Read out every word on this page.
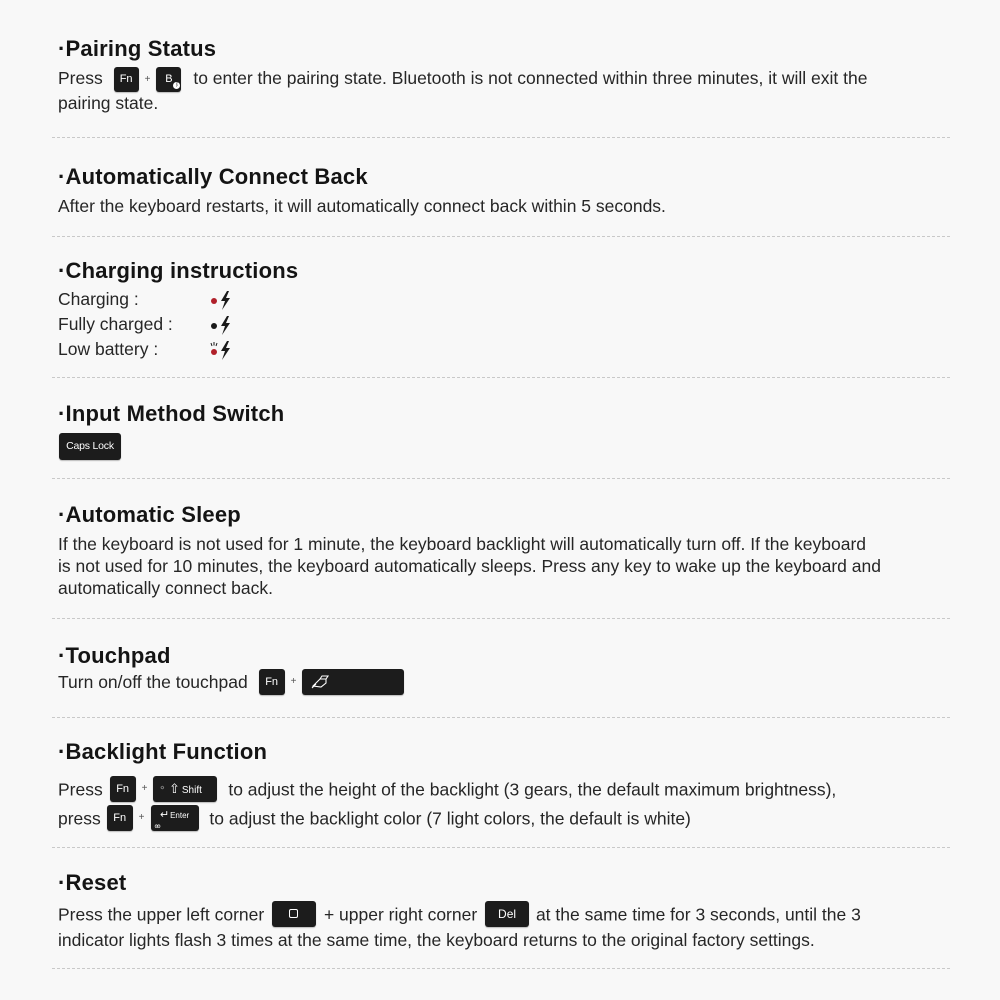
·Pairing Status
Press Fn + B ᛒ to enter the pairing state. Bluetooth is not connected within three minutes, it will exit the
pairing state.
·Automatically Connect Back
After the keyboard restarts, it will automatically connect back within 5 seconds.
·Charging instructions
Charging :
Fully charged :
Low battery :
·Input Method Switch
Caps Lock
·Automatic Sleep
If the keyboard is not used for 1 minute, the keyboard backlight will automatically turn off. If the keyboard
is not used for 10 minutes, the keyboard automatically sleeps. Press any key to wake up the keyboard and
automatically connect back.
·Touchpad
Turn on/off the touchpad Fn +
·Backlight Function
Press Fn + ⇧ Shift
☼	to adjust the height of the backlight (3 gears, the default maximum brightness),
press Fn + ↵Enter
ꙭ	to adjust the backlight color (7 light colors, the default is white)
·Reset
Press the upper left corner	+ upper right corner Del at the same time for 3 seconds, until the 3
indicator lights flash 3 times at the same time, the keyboard returns to the original factory settings.
